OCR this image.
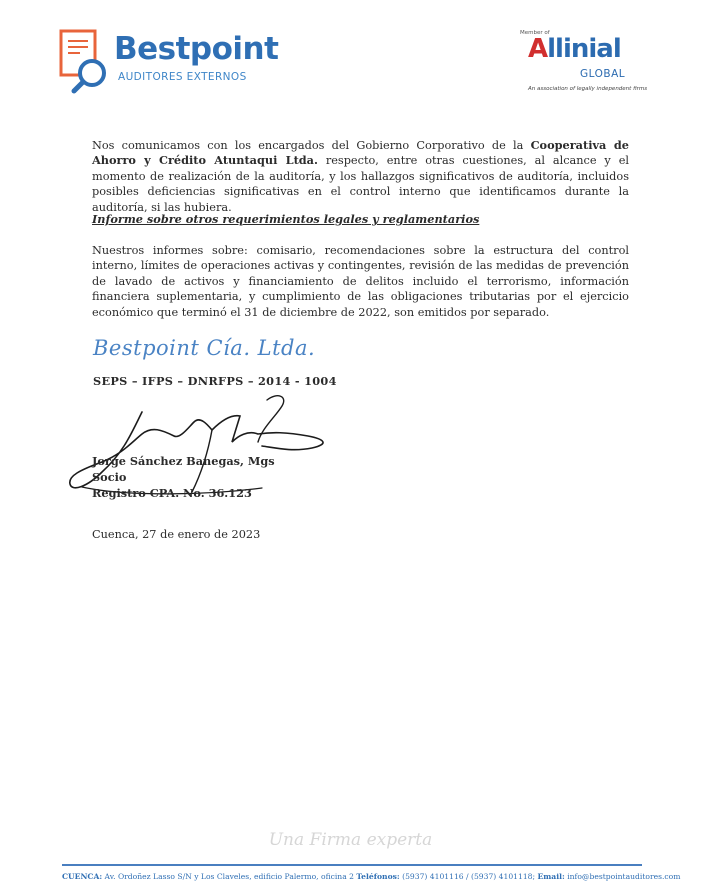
Bestpoint
AUDITORES EXTERNOS
Member of
Allinial
GLOBAL
An association of legally independent firms
Nos comunicamos con los encargados del Gobierno Corporativo de la Cooperativa de Ahorro y Crédito Atuntaqui Ltda. respecto, entre otras cuestiones, al alcance y el momento de realización de la auditoría, y los hallazgos significativos de auditoría, incluidos posibles deficiencias significativas en el control interno que identificamos durante la auditoría, si las hubiera.
Informe sobre otros requerimientos legales y reglamentarios
Nuestros informes sobre: comisario, recomendaciones sobre la estructura del control interno, límites de operaciones activas y contingentes, revisión de las medidas de prevención de lavado de activos y financiamiento de delitos incluido el terrorismo, información financiera suplementaria, y cumplimiento de las obligaciones tributarias por el ejercicio económico que terminó el 31 de diciembre de 2022, son emitidos por separado.
Bestpoint Cía. Ltda.
SEPS – IFPS – DNRFPS – 2014 - 1004
Jorge Sánchez Banegas, Mgs
Socio
Registro CPA. No. 36.123
Cuenca, 27 de enero de 2023
Una Firma experta
CUENCA: Av. Ordoñez Lasso S/N y Los Claveles, edificio Palermo, oficina 2 Teléfonos: (5937) 4101116 / (5937) 4101118; Email: info@bestpointauditores.com
